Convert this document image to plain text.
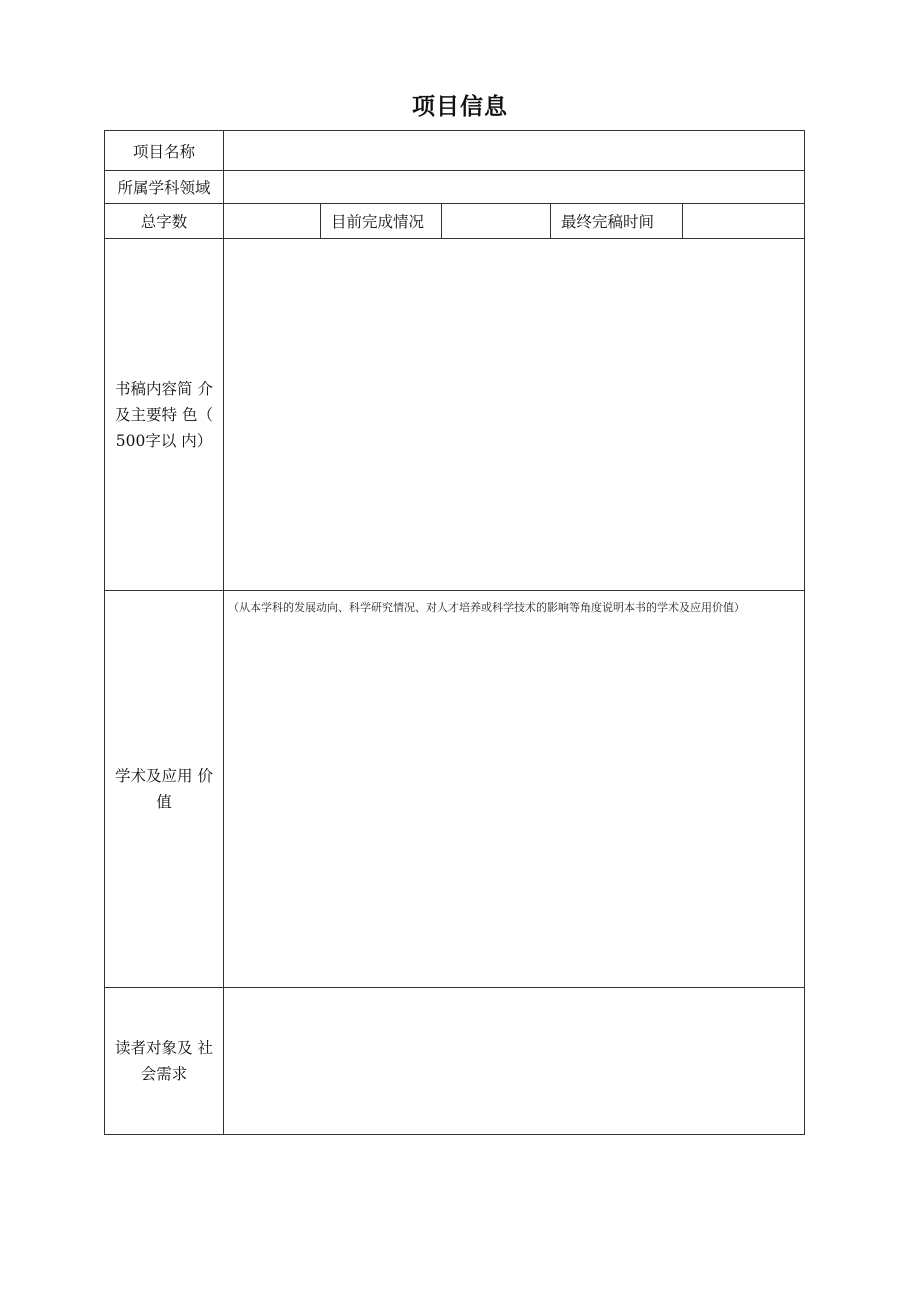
项目信息
项目名称					
所属学科领域					
总字数		目前完成情况		最终完稿时间	

书稿内容简 介
及主要特 色（
500字以 内）					

学术及应用 价
值	（从本学科的发展动向、科学研究情况、对人才培养或科学技术的影响等角度说明本书的学术及应用价值）				

读者对象及 社
会需求					
